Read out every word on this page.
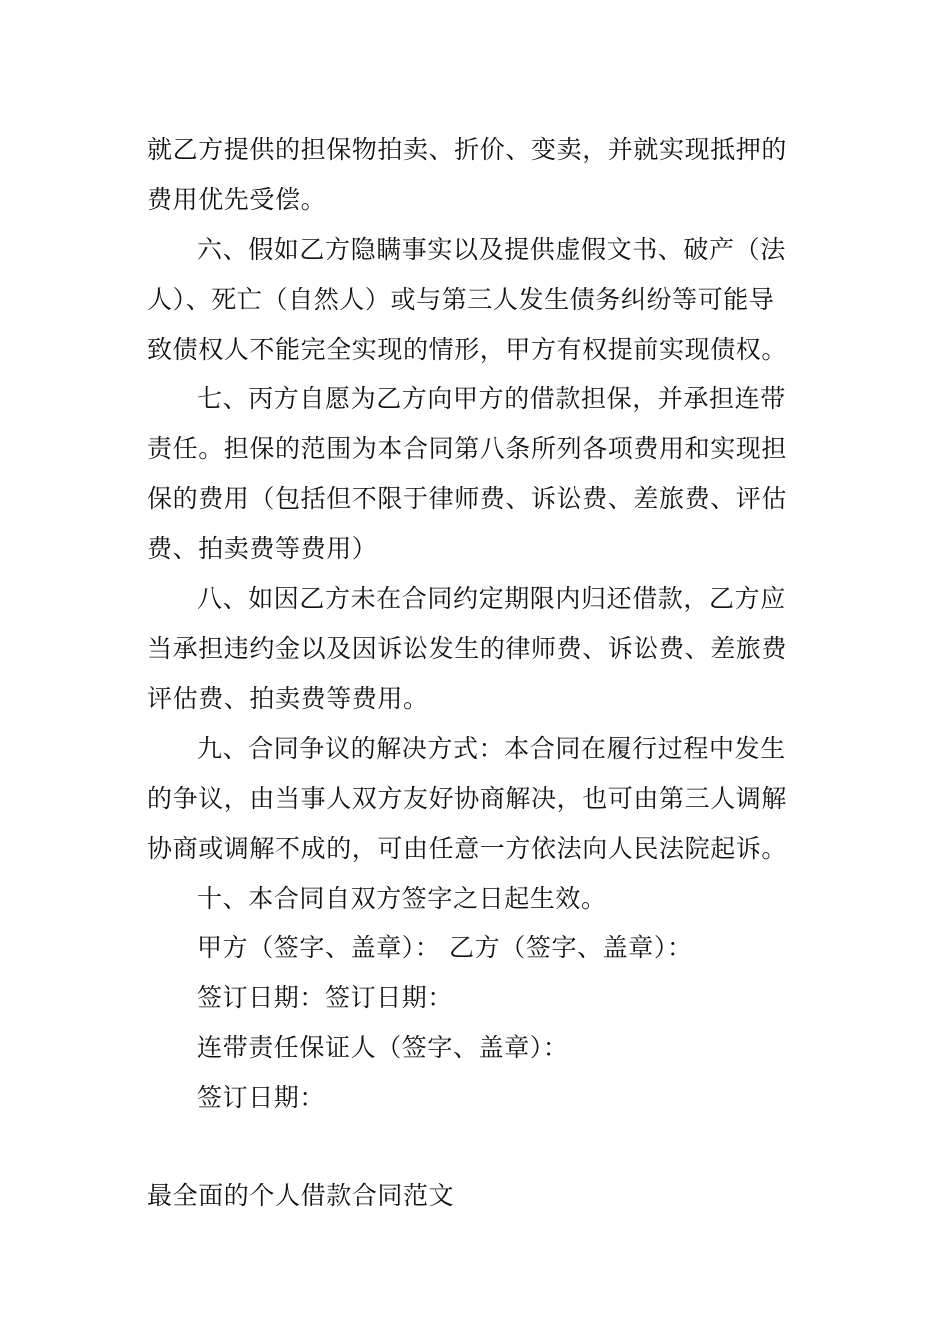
就乙方提供的担保物拍卖、折价、变卖，并就实现抵押的
费用优先受偿。
六、假如乙方隐瞒事实以及提供虚假文书、破产（法
人）、死亡（自然人）或与第三人发生债务纠纷等可能导
致债权人不能完全实现的情形，甲方有权提前实现债权。
七、丙方自愿为乙方向甲方的借款担保，并承担连带
责任。担保的范围为本合同第八条所列各项费用和实现担
保的费用（包括但不限于律师费、诉讼费、差旅费、评估
费、拍卖费等费用）
八、如因乙方未在合同约定期限内归还借款，乙方应
当承担违约金以及因诉讼发生的律师费、诉讼费、差旅费
评估费、拍卖费等费用。
九、合同争议的解决方式：本合同在履行过程中发生
的争议，由当事人双方友好协商解决，也可由第三人调解
协商或调解不成的，可由任意一方依法向人民法院起诉。
十、本合同自双方签字之日起生效。
甲方（签字、盖章）： 乙方（签字、盖章）：
签订日期：签订日期：
连带责任保证人（签字、盖章）：
签订日期：
最全面的个人借款合同范文
